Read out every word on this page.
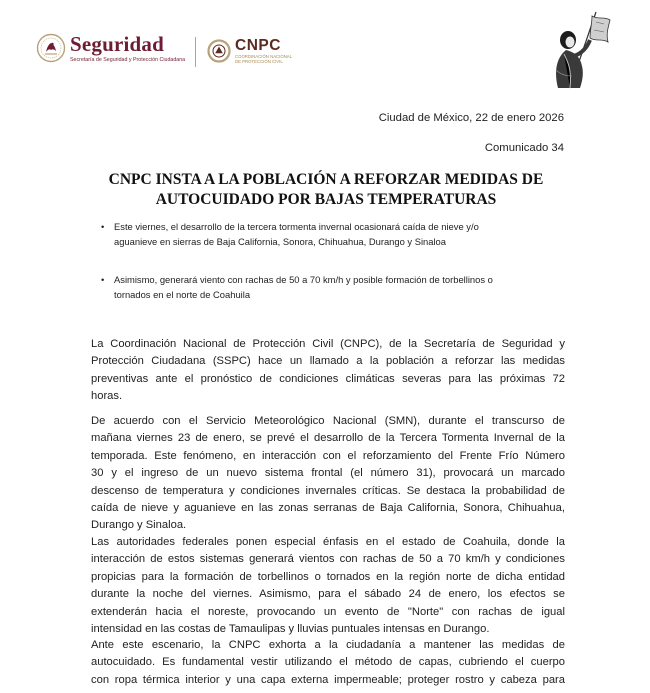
Seguridad
Secretaría de Seguridad y Protección Ciudadana
CNPC
COORDINACIÓN NACIONAL
DE PROTECCIÓN CIVIL
Ciudad de México, 22 de enero 2026
Comunicado 34
CNPC INSTA A LA POBLACIÓN A REFORZAR MEDIDAS DE
AUTOCUIDADO POR BAJAS TEMPERATURAS
• Este viernes, el desarrollo de la tercera tormenta invernal ocasionará caída de nieve y/o
aguanieve en sierras de Baja California, Sonora, Chihuahua, Durango y Sinaloa
• Asimismo, generará viento con rachas de 50 a 70 km/h y posible formación de torbellinos o
tornados en el norte de Coahuila
La Coordinación Nacional de Protección Civil (CNPC), de la Secretaría de Seguridad y
Protección Ciudadana (SSPC) hace un llamado a la población a reforzar las medidas
preventivas ante el pronóstico de condiciones climáticas severas para las próximas 72
horas.
De acuerdo con el Servicio Meteorológico Nacional (SMN), durante el transcurso de
mañana viernes 23 de enero, se prevé el desarrollo de la Tercera Tormenta Invernal de la
temporada. Este fenómeno, en interacción con el reforzamiento del Frente Frío Número
30 y el ingreso de un nuevo sistema frontal (el número 31), provocará un marcado
descenso de temperatura y condiciones invernales críticas. Se destaca la probabilidad de
caída de nieve y aguanieve en las zonas serranas de Baja California, Sonora, Chihuahua,
Durango y Sinaloa.
Las autoridades federales ponen especial énfasis en el estado de Coahuila, donde la
interacción de estos sistemas generará vientos con rachas de 50 a 70 km/h y condiciones
propicias para la formación de torbellinos o tornados en la región norte de dicha entidad
durante la noche del viernes. Asimismo, para el sábado 24 de enero, los efectos se
extenderán hacia el noreste, provocando un evento de "Norte" con rachas de igual
intensidad en las costas de Tamaulipas y lluvias puntuales intensas en Durango.
Ante este escenario, la CNPC exhorta a la ciudadanía a mantener las medidas de
autocuidado. Es fundamental vestir utilizando el método de capas, cubriendo el cuerpo
con ropa térmica interior y una capa externa impermeable; proteger rostro y cabeza para
